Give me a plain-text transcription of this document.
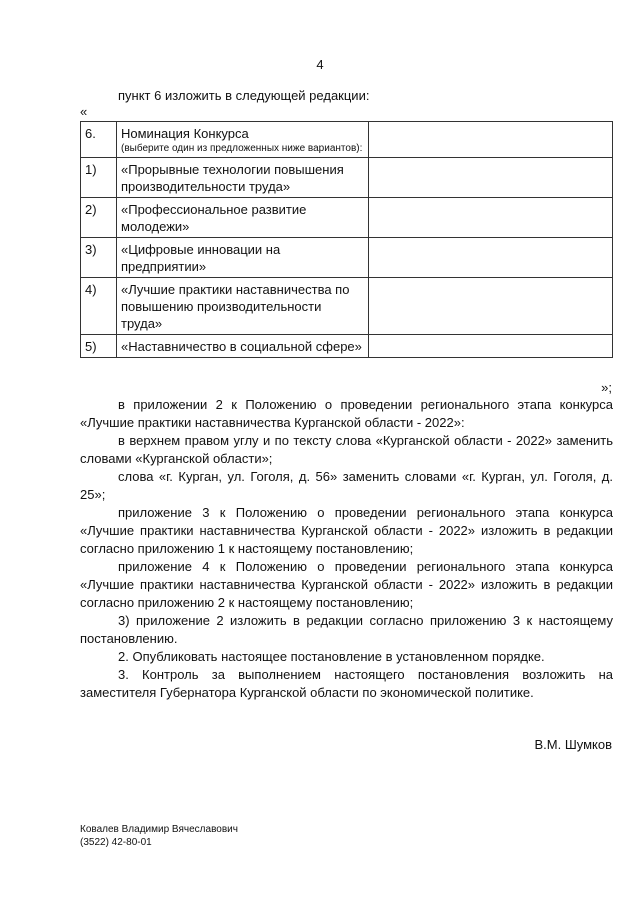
4
пункт 6 изложить в следующей редакции:
«
6.	Номинация Конкурса
(выберите один из предложенных ниже вариантов):	

1)	«Прорывные технологии повышения производительности труда»	
2)	«Профессиональное развитие молодежи»	
3)	«Цифровые инновации на предприятии»	
4)	«Лучшие практики наставничества по повышению производительности труда»	
5)	«Наставничество в социальной сфере»	
»;

в приложении 2 к Положению о проведении регионального этапа конкурса «Лучшие практики наставничества Курганской области - 2022»:

в верхнем правом углу и по тексту слова «Курганской области - 2022» заменить словами «Курганской области»;

слова «г. Курган, ул. Гоголя, д. 56» заменить словами «г. Курган, ул. Гоголя, д. 25»;

приложение 3 к Положению о проведении регионального этапа конкурса «Лучшие практики наставничества Курганской области - 2022» изложить в редакции согласно приложению 1 к настоящему постановлению;

приложение 4 к Положению о проведении регионального этапа конкурса «Лучшие практики наставничества Курганской области - 2022» изложить в редакции согласно приложению 2 к настоящему постановлению;

3) приложение 2 изложить в редакции согласно приложению 3 к настоящему постановлению.

2. Опубликовать настоящее постановление в установленном порядке.

3. Контроль за выполнением настоящего постановления возложить на заместителя Губернатора Курганской области по экономической политике.

В.М. Шумков
Ковалев Владимир Вячеславович
(3522) 42-80-01
